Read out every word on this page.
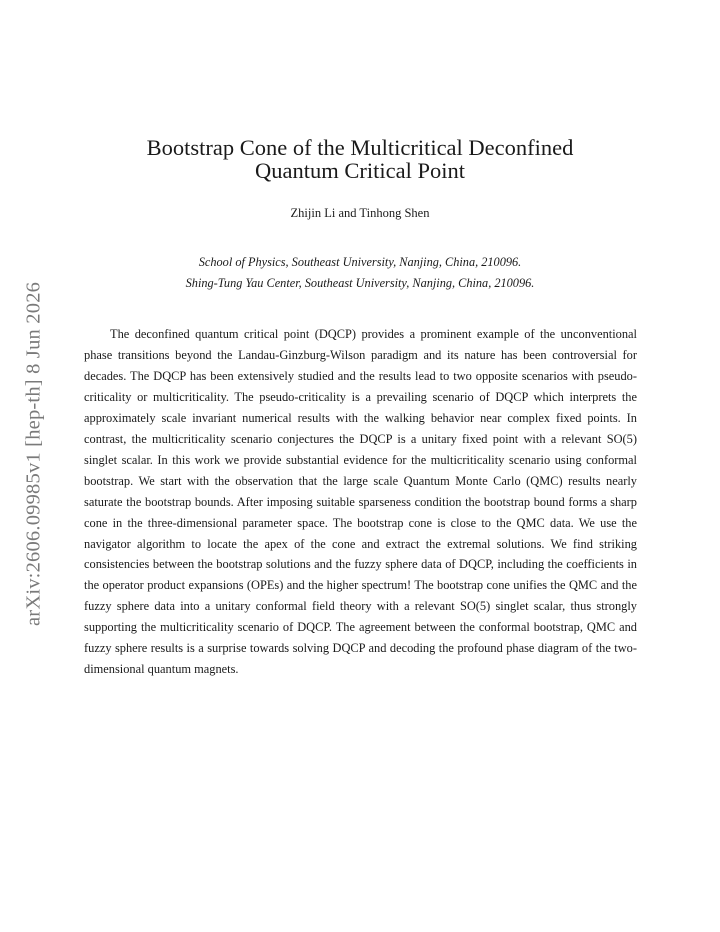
arXiv:2606.09985v1 [hep-th] 8 Jun 2026
Bootstrap Cone of the Multicritical Deconfined
Quantum Critical Point
Zhijin Li and Tinhong Shen
School of Physics, Southeast University, Nanjing, China, 210096.
Shing-Tung Yau Center, Southeast University, Nanjing, China, 210096.

The deconfined quantum critical point (DQCP) provides a prominent example of the unconventional phase transitions beyond the Landau-Ginzburg-Wilson paradigm and its nature has been controversial for decades. The DQCP has been extensively studied and the results lead to two opposite scenarios with pseudo-criticality or multicriticality. The pseudo-criticality is a prevailing scenario of DQCP which interprets the approximately scale invariant numerical results with the walking behavior near complex fixed points. In contrast, the multicriticality scenario conjectures the DQCP is a unitary fixed point with a relevant SO(5) singlet scalar. In this work we provide substantial evidence for the multicriticality scenario using conformal bootstrap. We start with the observation that the large scale Quantum Monte Carlo (QMC) results nearly saturate the bootstrap bounds. After imposing suitable sparseness condition the bootstrap bound forms a sharp cone in the three-dimensional parameter space. The bootstrap cone is close to the QMC data. We use the navigator algorithm to locate the apex of the cone and extract the extremal solutions. We find striking consistencies between the bootstrap solutions and the fuzzy sphere data of DQCP, including the coefficients in the operator product expansions (OPEs) and the higher spectrum! The bootstrap cone unifies the QMC and the fuzzy sphere data into a unitary conformal field theory with a relevant SO(5) singlet scalar, thus strongly supporting the multicriticality scenario of DQCP. The agreement between the conformal bootstrap, QMC and fuzzy sphere results is a surprise towards solving DQCP and decoding the profound phase diagram of the two-dimensional quantum magnets.
